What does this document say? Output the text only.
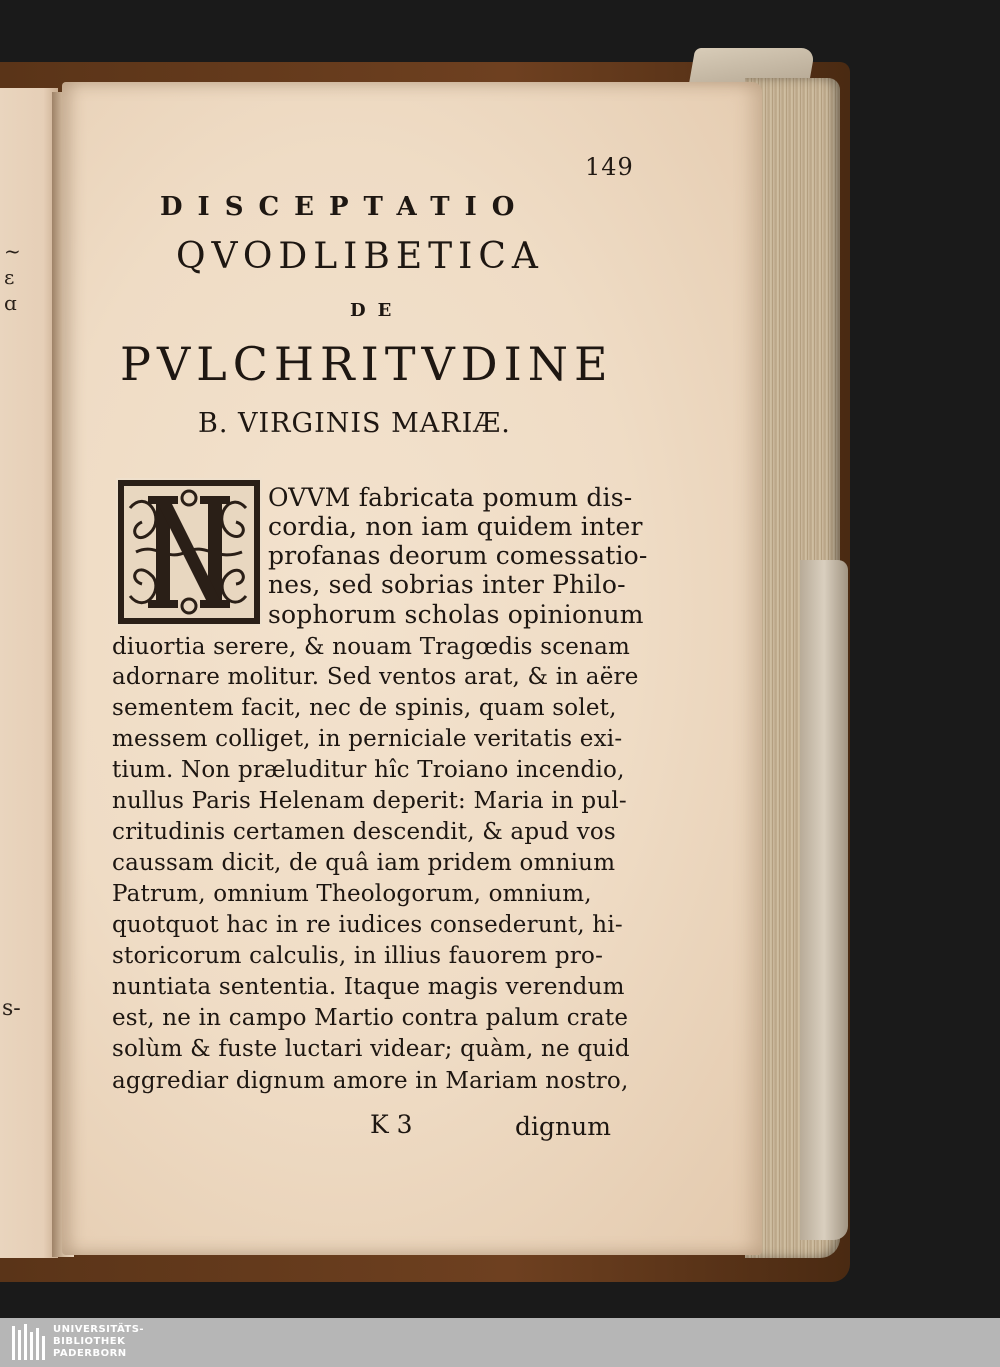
~
ɛ
ɑ
s-
149
DISCEPTATIO
QVODLIBETICA
DE
PVLCHRITVDINE
B. VIRGINIS MARIÆ.
N
OVVM fabricata pomum dis-
cordia, non iam quidem inter
profanas deorum comessatio-
nes, sed sobrias inter Philo-
sophorum scholas opinionum
diuortia serere, & nouam Tragœdis scenam
adornare molitur. Sed ventos arat, & in aëre
sementem facit, nec de spinis, quam solet,
messem colliget, in perniciale veritatis exi-
tium. Non præluditur hîc Troiano incendio,
nullus Paris Helenam deperit: Maria in pul-
critudinis certamen descendit, & apud vos
caussam dicit, de quâ iam pridem omnium
Patrum, omnium Theologorum, omnium,
quotquot hac in re iudices consederunt, hi-
storicorum calculis, in illius fauorem pro-
nuntiata sententia. Itaque magis verendum
est, ne in campo Martio contra palum crate
solùm & fuste luctari videar; quàm, ne quid
aggrediar dignum amore in Mariam nostro,
K 3	dignum
UNIVERSITÄTS-
BIBLIOTHEK
PADERBORN
